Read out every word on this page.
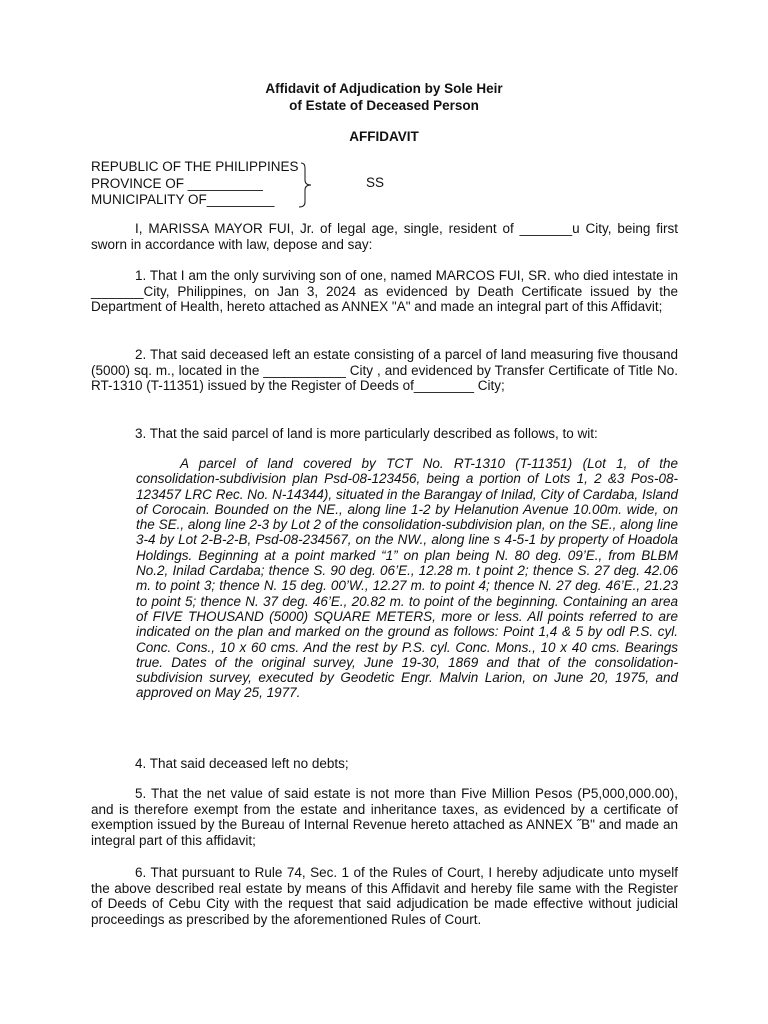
Affidavit of Adjudication by Sole Heir
of Estate of Deceased Person
AFFIDAVIT
REPUBLIC OF THE PHILIPPINES
PROVINCE OF __________
MUNICIPALITY OF_________
SS

I, MARISSA MAYOR FUI, Jr. of legal age, single, resident of _______u City, being first sworn in accordance with law, depose and say:

1. That I am the only surviving son of one, named MARCOS FUI, SR. who died intestate in _______City, Philippines, on Jan 3, 2024 as evidenced by Death Certificate issued by the Department of Health, hereto attached as ANNEX "A" and made an integral part of this Affidavit;

2. That said deceased left an estate consisting of a parcel of land measuring five thousand (5000) sq. m., located in the ___________ City , and evidenced by Transfer Certificate of Title No. RT-1310 (T-11351) issued by the Register of Deeds of________ City;

3. That the said parcel of land is more particularly described as follows, to wit:

A parcel of land covered by TCT No. RT-1310 (T-11351) (Lot 1, of the consolidation-subdivision plan Psd-08-123456, being a portion of Lots 1, 2 &3 Pos-08-123457 LRC Rec. No. N-14344), situated in the Barangay of Inilad, City of Cardaba, Island of Corocain. Bounded on the NE., along line 1-2 by Helanution Avenue 10.00m. wide, on the SE., along line 2-3 by Lot 2 of the consolidation-subdivision plan, on the SE., along line 3-4 by Lot 2-B-2-B, Psd-08-234567, on the NW., along line s 4-5-1 by property of Hoadola Holdings. Beginning at a point marked “1” on plan being N. 80 deg. 09’E., from BLBM No.2, Inilad Cardaba; thence S. 90 deg. 06’E., 12.28 m. t point 2; thence S. 27 deg. 42.06 m. to point 3; thence N. 15 deg. 00’W., 12.27 m. to point 4; thence N. 27 deg. 46’E., 21.23 to point 5; thence N. 37 deg. 46’E., 20.82 m. to point of the beginning. Containing an area of FIVE THOUSAND (5000) SQUARE METERS, more or less. All points referred to are indicated on the plan and marked on the ground as follows: Point 1,4 & 5 by odl P.S. cyl. Conc. Cons., 10 x 60 cms. And the rest by P.S. cyl. Conc. Mons., 10 x 40 cms. Bearings true. Dates of the original survey, June 19-30, 1869 and that of the consolidation-subdivision survey, executed by Geodetic Engr. Malvin Larion, on June 20, 1975, and approved on May 25, 1977.

4. That said deceased left no debts;

5. That the net value of said estate is not more than Five Million Pesos (P5,000,000.00), and is therefore exempt from the estate and inheritance taxes, as evidenced by a certificate of exemption issued by the Bureau of Internal Revenue hereto attached as ANNEX ˝B" and made an integral part of this affidavit;

6. That pursuant to Rule 74, Sec. 1 of the Rules of Court, I hereby adjudicate unto myself the above described real estate by means of this Affidavit and hereby file same with the Register of Deeds of Cebu City with the request that said adjudication be made effective without judicial proceedings as prescribed by the aforementioned Rules of Court.
